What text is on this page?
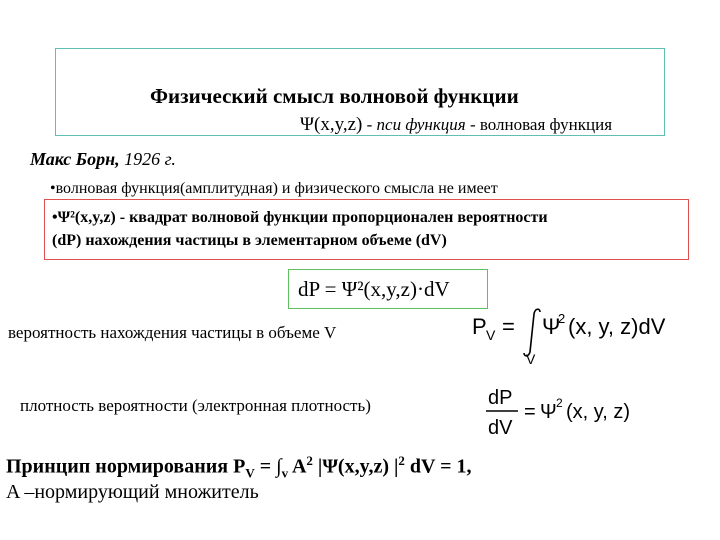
Физический смысл волновой функции
Ψ(x,y,z) - пси функция - волновая функция
Макс Борн, 1926 г.
•волновая функция(амплитудная) и физического смысла не имеет
•Ψ²(x,y,z) - квадрат волновой функции пропорционален вероятности
(dP) нахождения частицы в элементарном объеме (dV)
dP = Ψ²(x,y,z)·dV
вероятность нахождения частицы в объеме V	P V =
V
Ψ
2 (x, y, z)dV
плотность вероятности (электронная плотность)	dP
dV
= Ψ 2 (x, y, z)
Принцип нормирования $P_V = \int_v$ $A^2$ |Ψ(x,y,z) $|^2$ dV = 1,
A –нормирующий множитель
